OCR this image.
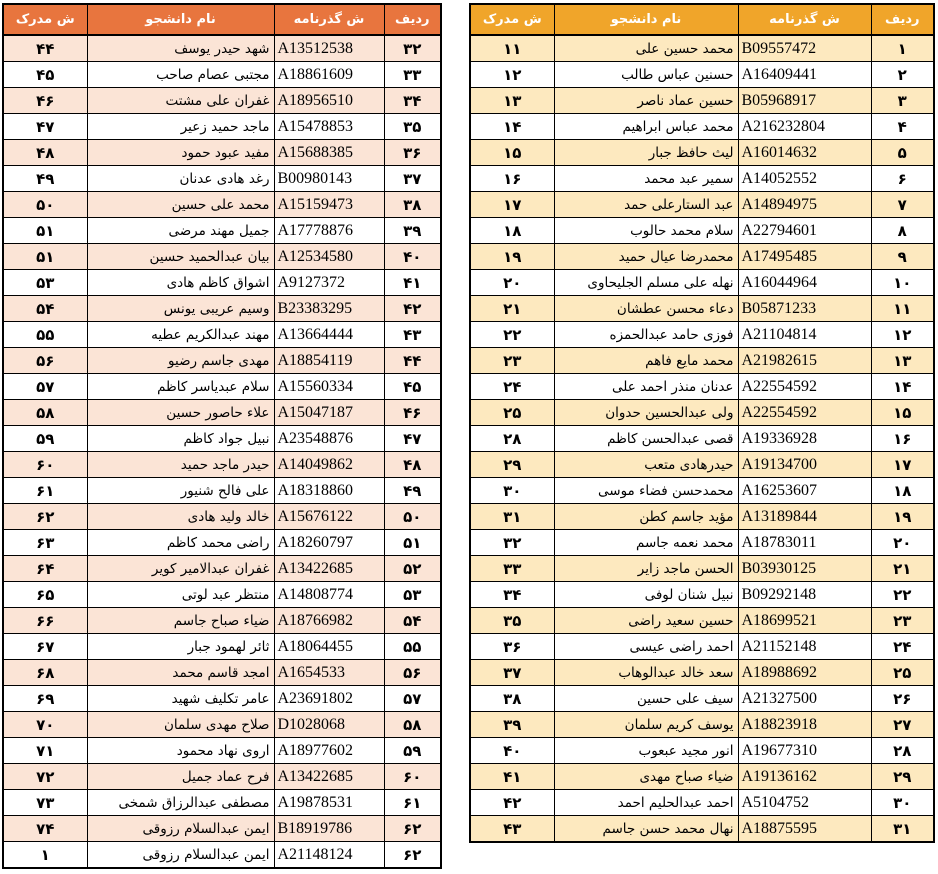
ش مدرک	نام دانشجو	ش گذرنامه	ردیف
۴۴	شهد حیدر یوسف	A13512538	۳۲
۴۵	مجتبی عصام صاحب	A18861609	۳۳
۴۶	غفران علی مشتت	A18956510	۳۴
۴۷	ماجد حمید زعیر	A15478853	۳۵
۴۸	مفید عبود حمود	A15688385	۳۶
۴۹	رغد هادی عدنان	B00980143	۳۷
۵۰	محمد علی حسین	A15159473	۳۸
۵۱	جمیل مهند مرضی	A17778876	۳۹
۵۱	بیان عبدالحمید حسین	A12534580	۴۰
۵۳	اشواق کاظم هادی	A9127372	۴۱
۵۴	وسیم عریبی یونس	B23383295	۴۲
۵۵	مهند عبدالکریم عطیه	A13664444	۴۳
۵۶	مهدی جاسم رضیو	A18854119	۴۴
۵۷	سلام عبدیاسر کاظم	A15560334	۴۵
۵۸	علاء حاصور حسین	A15047187	۴۶
۵۹	نبیل جواد کاظم	A23548876	۴۷
۶۰	حیدر ماجد حمید	A14049862	۴۸
۶۱	علی فالح شنیور	A18318860	۴۹
۶۲	خالد ولید هادی	A15676122	۵۰
۶۳	راضی محمد کاظم	A18260797	۵۱
۶۴	غفران عبدالامیر کویر	A13422685	۵۲
۶۵	منتظر عبد لوتی	A14808774	۵۳
۶۶	ضیاء صباح جاسم	A18766982	۵۴
۶۷	ثائر لهمود جبار	A18064455	۵۵
۶۸	امجد قاسم محمد	A1654533	۵۶
۶۹	عامر تکلیف شهید	A23691802	۵۷
۷۰	صلاح مهدی سلمان	D1028068	۵۸
۷۱	اروی نهاد محمود	A18977602	۵۹
۷۲	فرح عماد جمیل	A13422685	۶۰
۷۳	مصطفی عبدالرزاق شمخی	A19878531	۶۱
۷۴	ایمن عبدالسلام رزوقی	B18919786	۶۲
۱	ایمن عبدالسلام رزوقی	A21148124	۶۲
ش مدرک	نام دانشجو	ش گذرنامه	ردیف
۱۱	محمد حسین علی	B09557472	۱
۱۲	حسنین عباس طالب	A16409441	۲
۱۳	حسین عماد ناصر	B05968917	۳
۱۴	محمد عباس ابراهیم	A216232804	۴
۱۵	لیث حافظ جبار	A16014632	۵
۱۶	سمیر عبد محمد	A14052552	۶
۱۷	عبد الستارعلی حمد	A14894975	۷
۱۸	سلام محمد حالوب	A22794601	۸
۱۹	محمدرضا عیال حمید	A17495485	۹
۲۰	نهله علی مسلم الجلیحاوی	A16044964	۱۰
۲۱	دعاء محسن عطشان	B05871233	۱۱
۲۲	فوزی حامد عبدالحمزه	A21104814	۱۲
۲۳	محمد مایع فاهم	A21982615	۱۳
۲۴	عدنان منذر احمد علی	A22554592	۱۴
۲۵	ولی عبدالحسین حدوان	A22554592	۱۵
۲۸	قصی عبدالحسن کاظم	A19336928	۱۶
۲۹	حیدرهادی متعب	A19134700	۱۷
۳۰	محمدحسن فضاء موسی	A16253607	۱۸
۳۱	مؤید جاسم کطن	A13189844	۱۹
۳۲	محمد نعمه جاسم	A18783011	۲۰
۳۳	الحسن ماجد زایر	B03930125	۲۱
۳۴	نبیل شنان لوفی	B09292148	۲۲
۳۵	حسین سعید راضی	A18699521	۲۳
۳۶	احمد راضی عیسی	A21152148	۲۴
۳۷	سعد خالد عبدالوهاب	A18988692	۲۵
۳۸	سیف علی حسین	A21327500	۲۶
۳۹	یوسف کریم سلمان	A18823918	۲۷
۴۰	انور مجید عبعوب	A19677310	۲۸
۴۱	ضیاء صباح مهدی	A19136162	۲۹
۴۲	احمد عبدالحلیم احمد	A5104752	۳۰
۴۳	نهال محمد حسن جاسم	A18875595	۳۱
